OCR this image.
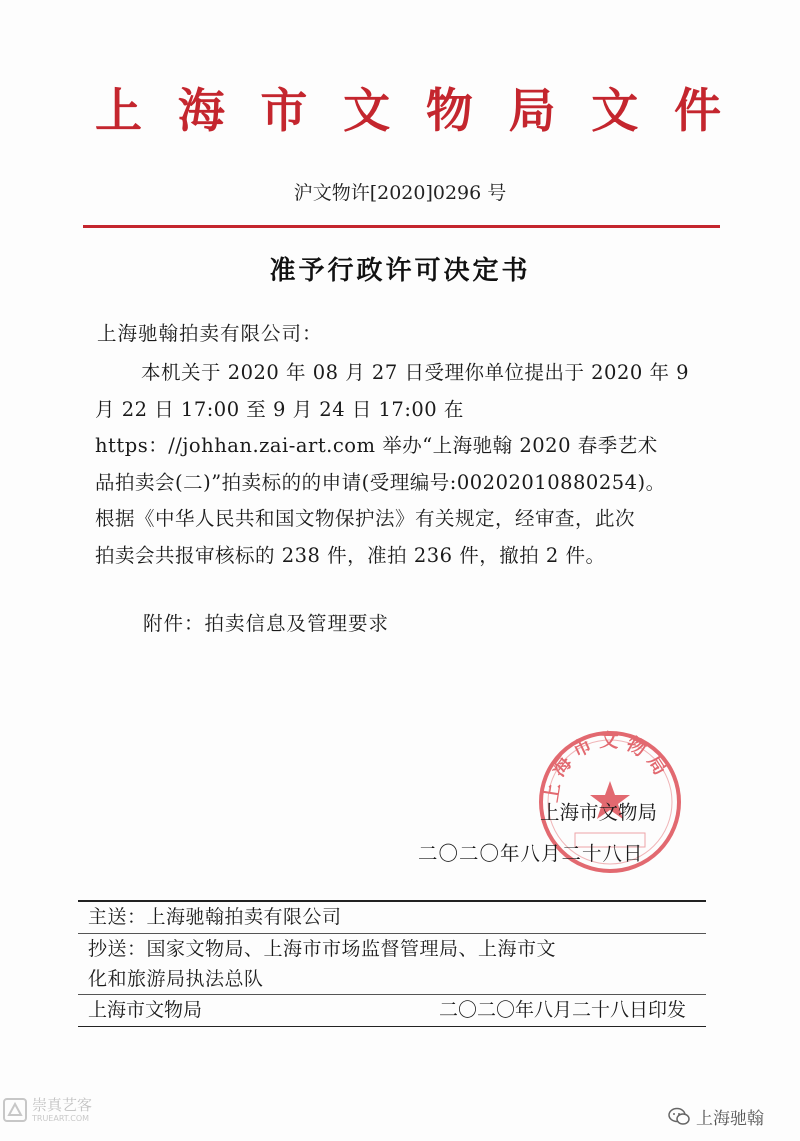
上海市文物局文件
沪文物许[2020]0296 号
准予行政许可决定书
上海驰翰拍卖有限公司：
本机关于 2020 年 08 月 27 日受理你单位提出于 2020 年 9
月 22 日 17:00 至 9 月 24 日 17:00 在
https：//johhan.zai-art.com 举办“上海驰翰 2020 春季艺术
品拍卖会(二)”拍卖标的的申请(受理编号:00202010880254)。
根据《中华人民共和国文物保护法》有关规定，经审查，此次
拍卖会共报审核标的 238 件，准拍 236 件，撤拍 2 件。
附件：拍卖信息及管理要求
上海市文物局
上海市文物局
二〇二〇年八月二十八日
主送：上海驰翰拍卖有限公司
抄送：国家文物局、上海市市场监督管理局、上海市文
化和旅游局执法总队
上海市文物局	二〇二〇年八月二十八日印发
崇真艺客
TRUEART.COM	上海驰翰
